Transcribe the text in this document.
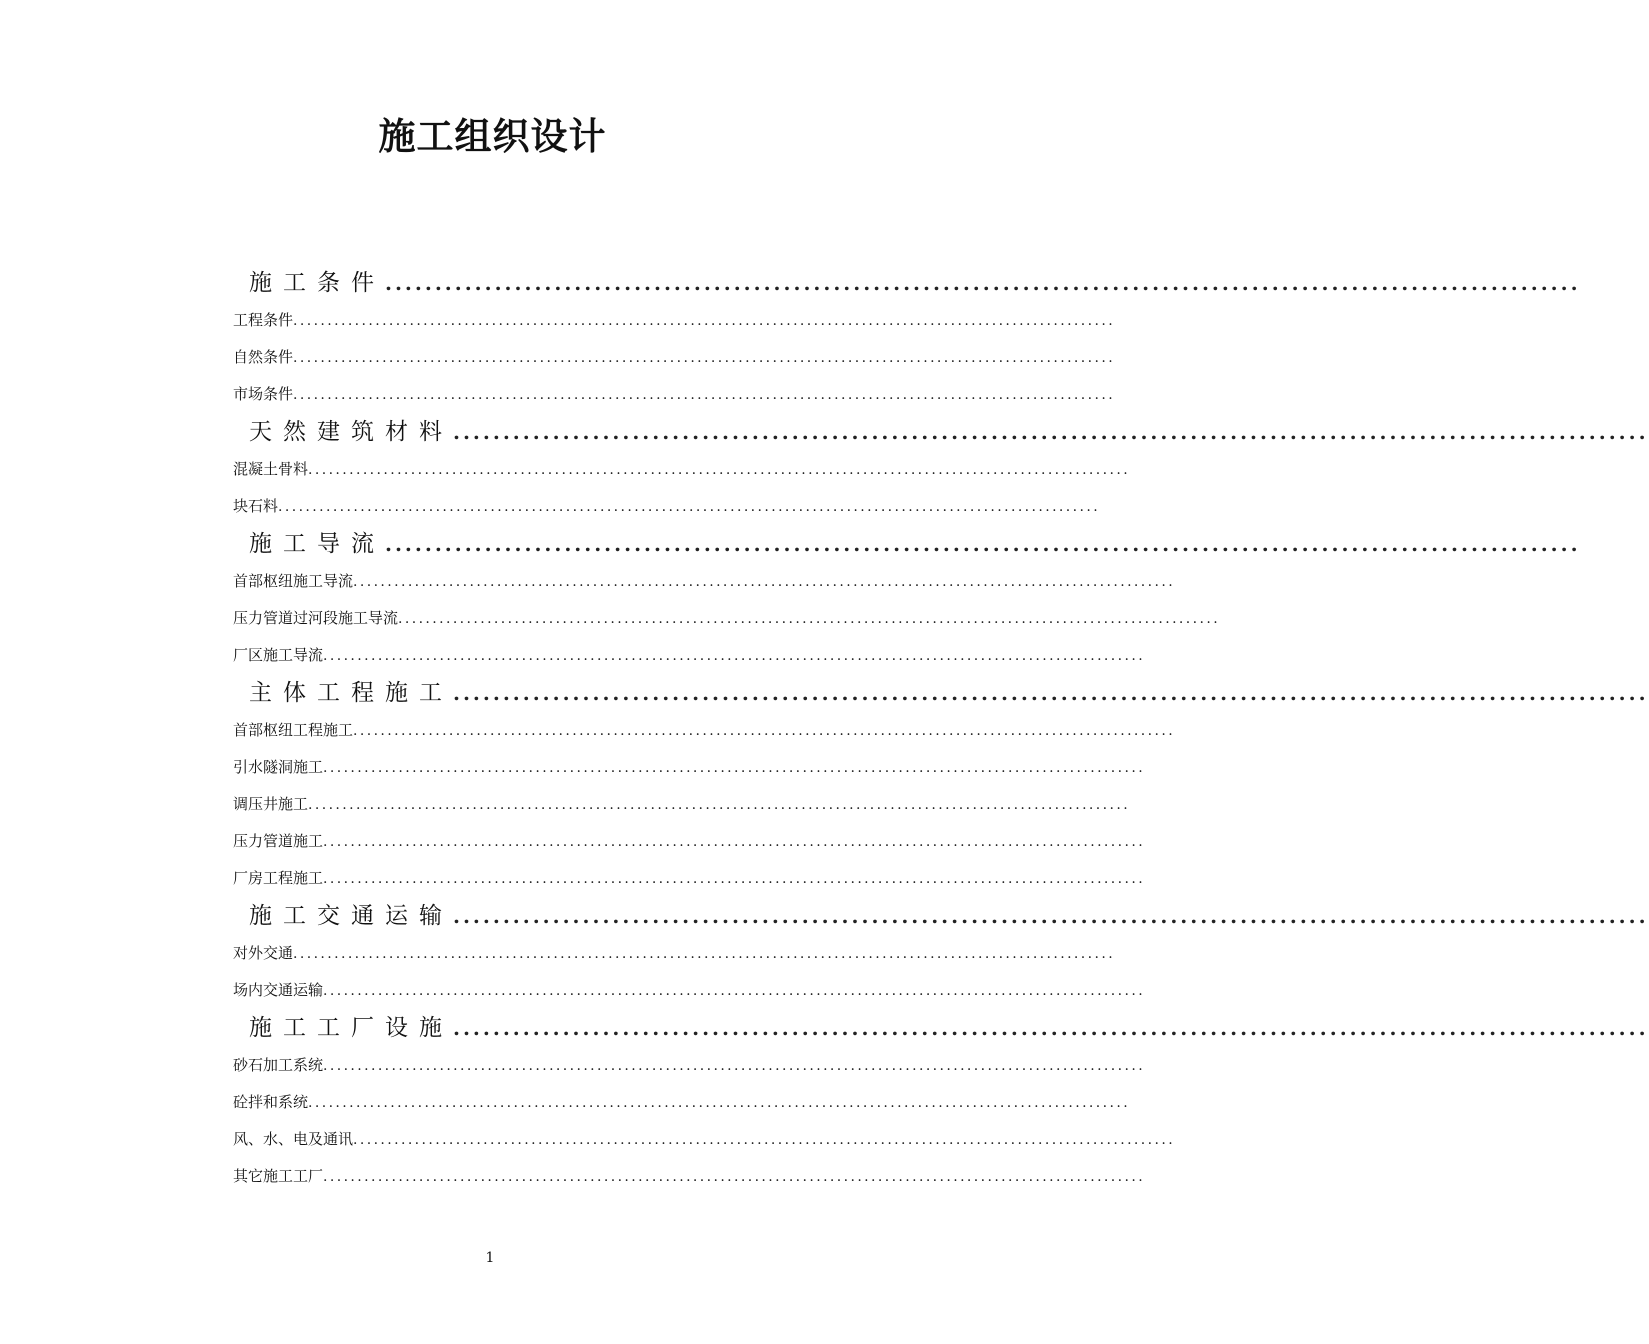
施工组织设计
施工条件 ........................................................................................................................
工程条件 ........................................................................................................................
自然条件 ........................................................................................................................
市场条件 ........................................................................................................................
天然建筑材料 ........................................................................................................................
混凝土骨料 ........................................................................................................................
块石料 ........................................................................................................................
施工导流 ........................................................................................................................
首部枢纽施工导流 ........................................................................................................................
压力管道过河段施工导流 ........................................................................................................................
厂区施工导流 ........................................................................................................................
主体工程施工 ........................................................................................................................
首部枢纽工程施工 ........................................................................................................................
引水隧洞施工 ........................................................................................................................
调压井施工 ........................................................................................................................
压力管道施工 ........................................................................................................................
厂房工程施工 ........................................................................................................................
施工交通运输 ........................................................................................................................
对外交通 ........................................................................................................................
场内交通运输 ........................................................................................................................
施工工厂设施 ........................................................................................................................
砂石加工系统 ........................................................................................................................
砼拌和系统 ........................................................................................................................
风、水、电及通讯 ........................................................................................................................
其它施工工厂 ........................................................................................................................
1
